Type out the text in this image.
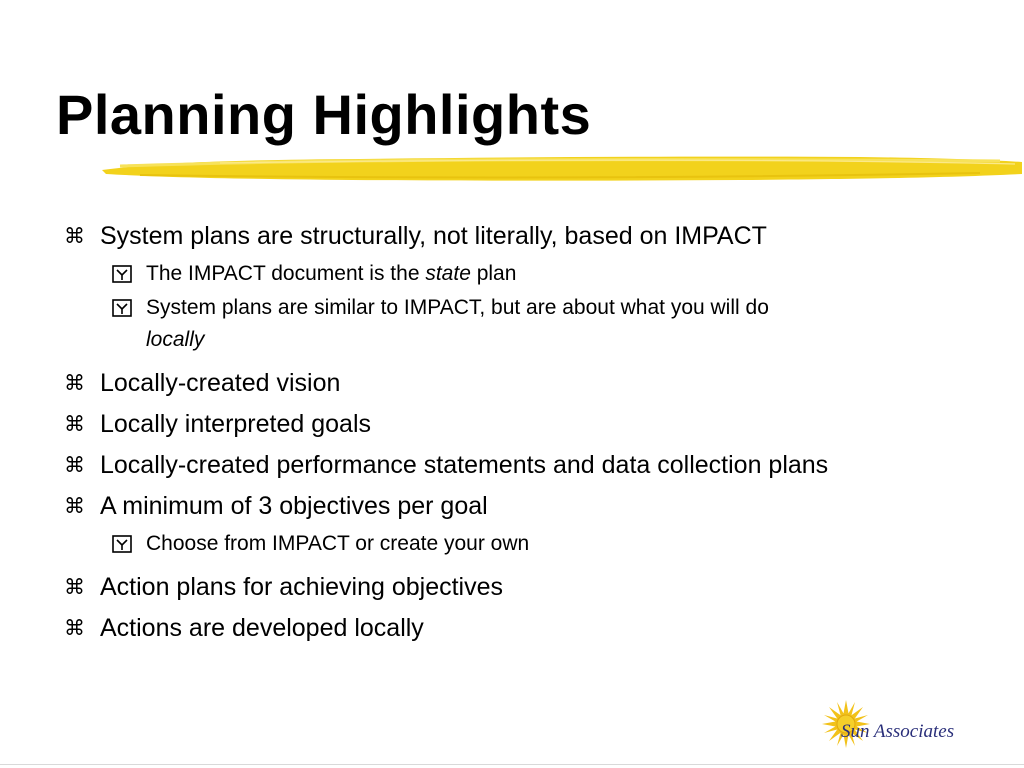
Planning Highlights
⌘ System plans are structurally, not literally, based on IMPACT
The IMPACT document is the state plan
System plans are similar to IMPACT, but are about what you will do
locally
⌘ Locally-created vision
⌘ Locally interpreted goals
⌘ Locally-created performance statements and data collection plans
⌘ A minimum of 3 objectives per goal
Choose from IMPACT or create your own
⌘ Action plans for achieving objectives
⌘ Actions are developed locally
Sun Associates
